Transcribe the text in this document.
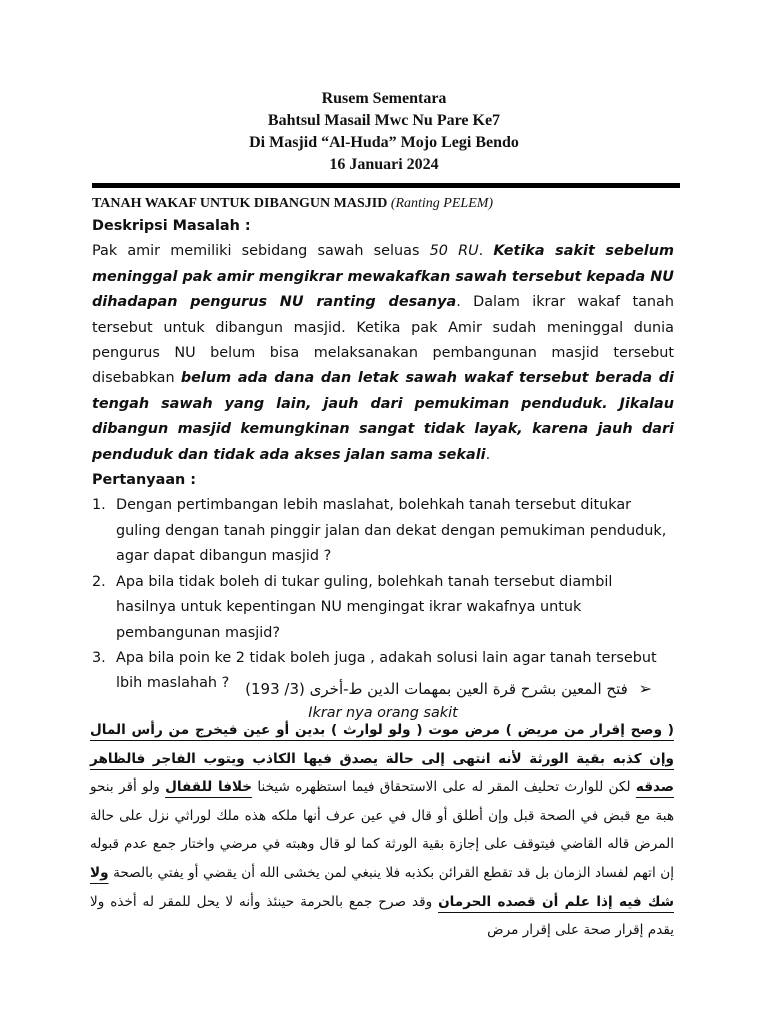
Rusem Sementara
Bahtsul Masail Mwc Nu Pare Ke7
Di Masjid “Al-Huda” Mojo Legi Bendo
16 Januari 2024
TANAH WAKAF UNTUK DIBANGUN MASJID (Ranting PELEM)
Deskripsi Masalah :
Pak amir memiliki sebidang sawah seluas 50 RU. Ketika sakit sebelum meninggal pak amir mengikrar mewakafkan sawah tersebut kepada NU dihadapan pengurus NU ranting desanya. Dalam ikrar wakaf tanah tersebut untuk dibangun masjid. Ketika pak Amir sudah meninggal dunia pengurus NU belum bisa melaksanakan pembangunan masjid tersebut disebabkan belum ada dana dan letak sawah wakaf tersebut berada di tengah sawah yang lain, jauh dari pemukiman penduduk. Jikalau dibangun masjid kemungkinan sangat tidak layak, karena jauh dari penduduk dan tidak ada akses jalan sama sekali.
Pertanyaan :
1. Dengan pertimbangan lebih maslahat, bolehkah tanah tersebut ditukar guling dengan tanah pinggir jalan dan dekat dengan pemukiman penduduk, agar dapat dibangun masjid ?
2. Apa bila tidak boleh di tukar guling, bolehkah tanah tersebut diambil hasilnya untuk kepentingan NU mengingat ikrar wakafnya untuk pembangunan masjid?
3. Apa bila poin ke 2 tidak boleh juga , adakah solusi lain agar tanah tersebut lbih maslahah ?
Ikrar nya orang sakit
➢ فتح المعين بشرح قرة العين بمهمات الدين ط-أخرى (3/ 193)
( وصح إقرار من مريض ) مرض موت ( ولو لوارث ) بدين أو عين فيخرج من رأس المال وإن كذبه بقية الورثة لأنه انتهى إلى حالة يصدق فيها الكاذب ويتوب الفاجر فالظاهر صدقه لكن للوارث تحليف المقر له على الاستحقاق فيما استظهره شيخنا خلافا للقفال ولو أقر بنحو هبة مع قبض في الصحة قبل وإن أطلق أو قال في عين عرف أنها ملكه هذه ملك لوراثي نزل على حالة المرض قاله القاضي فيتوقف على إجازة بقية الورثة كما لو قال وهبته في مرضي واختار جمع عدم قبوله إن اتهم لفساد الزمان بل قد تقطع القرائن بكذبه فلا ينبغي لمن يخشى الله أن يقضي أو يفتي بالصحة ولا شك فيه إذا علم أن قصده الحرمان وقد صرح جمع بالحرمة حينئذ وأنه لا يحل للمقر له أخذه ولا يقدم إقرار صحة على إقرار مرض
